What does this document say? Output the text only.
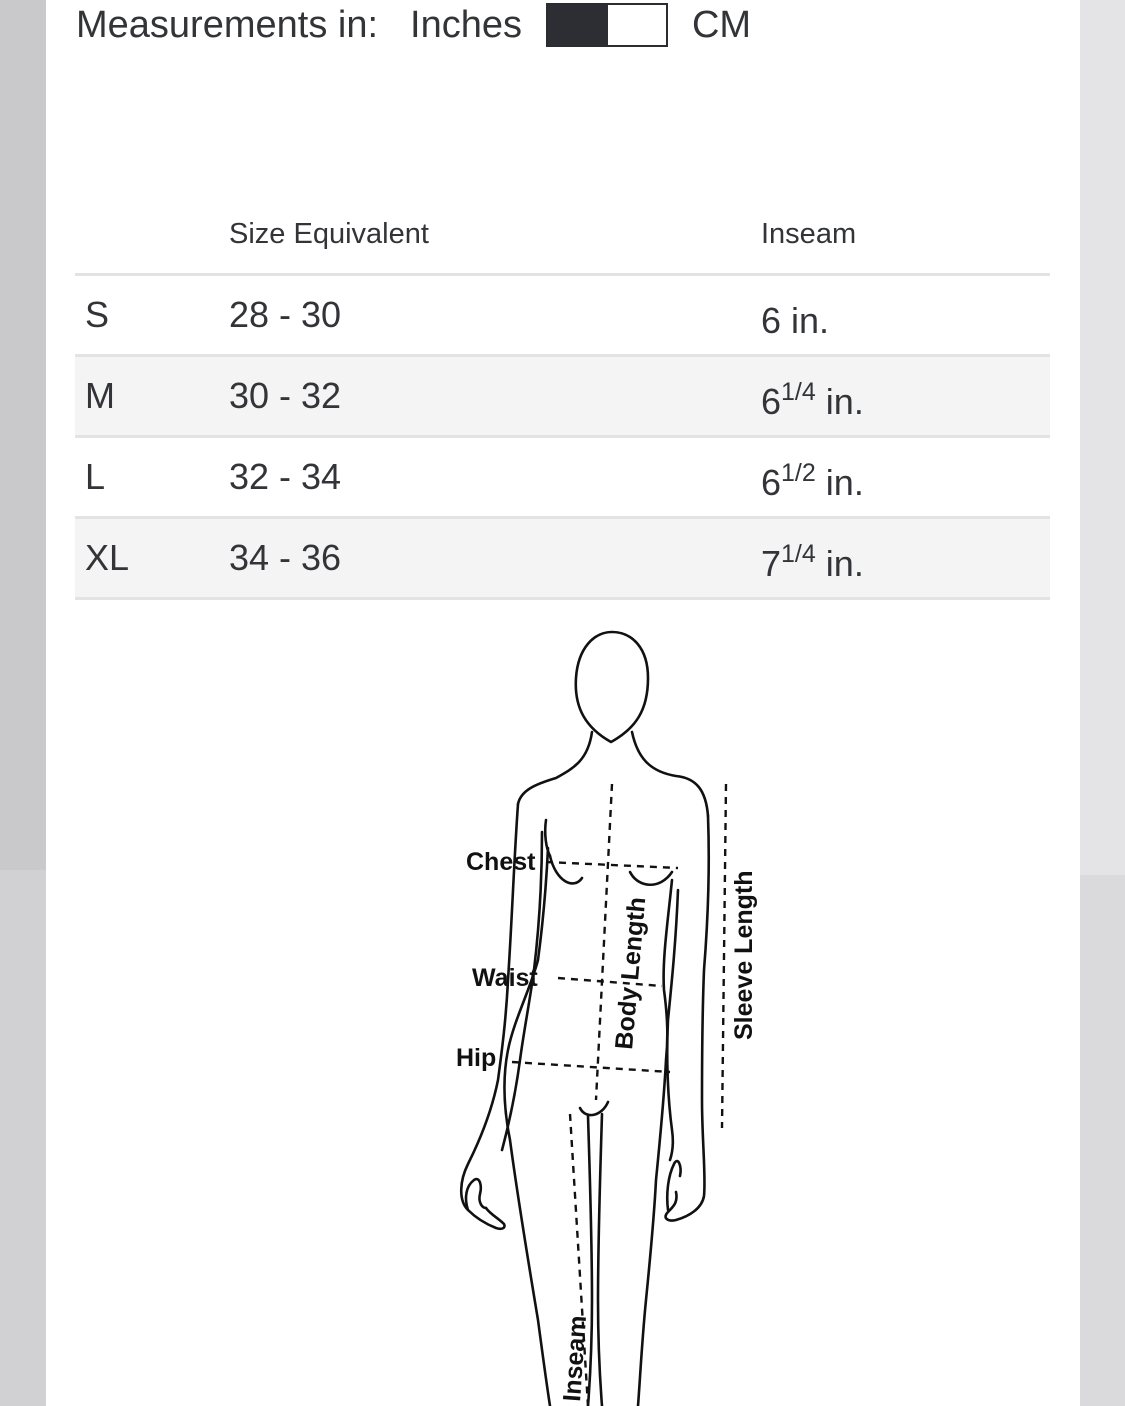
Measurements in: Inches	CM
	Size Equivalent	Inseam
S	28 - 30	6 in.
M	30 - 32	$6^{1/4}$ in.
L	32 - 34	$6^{1/2}$ in.
XL	34 - 36	$7^{1/4}$ in.
Chest
Waist
Hip
Body Length	Sleeve Length
Inseam
